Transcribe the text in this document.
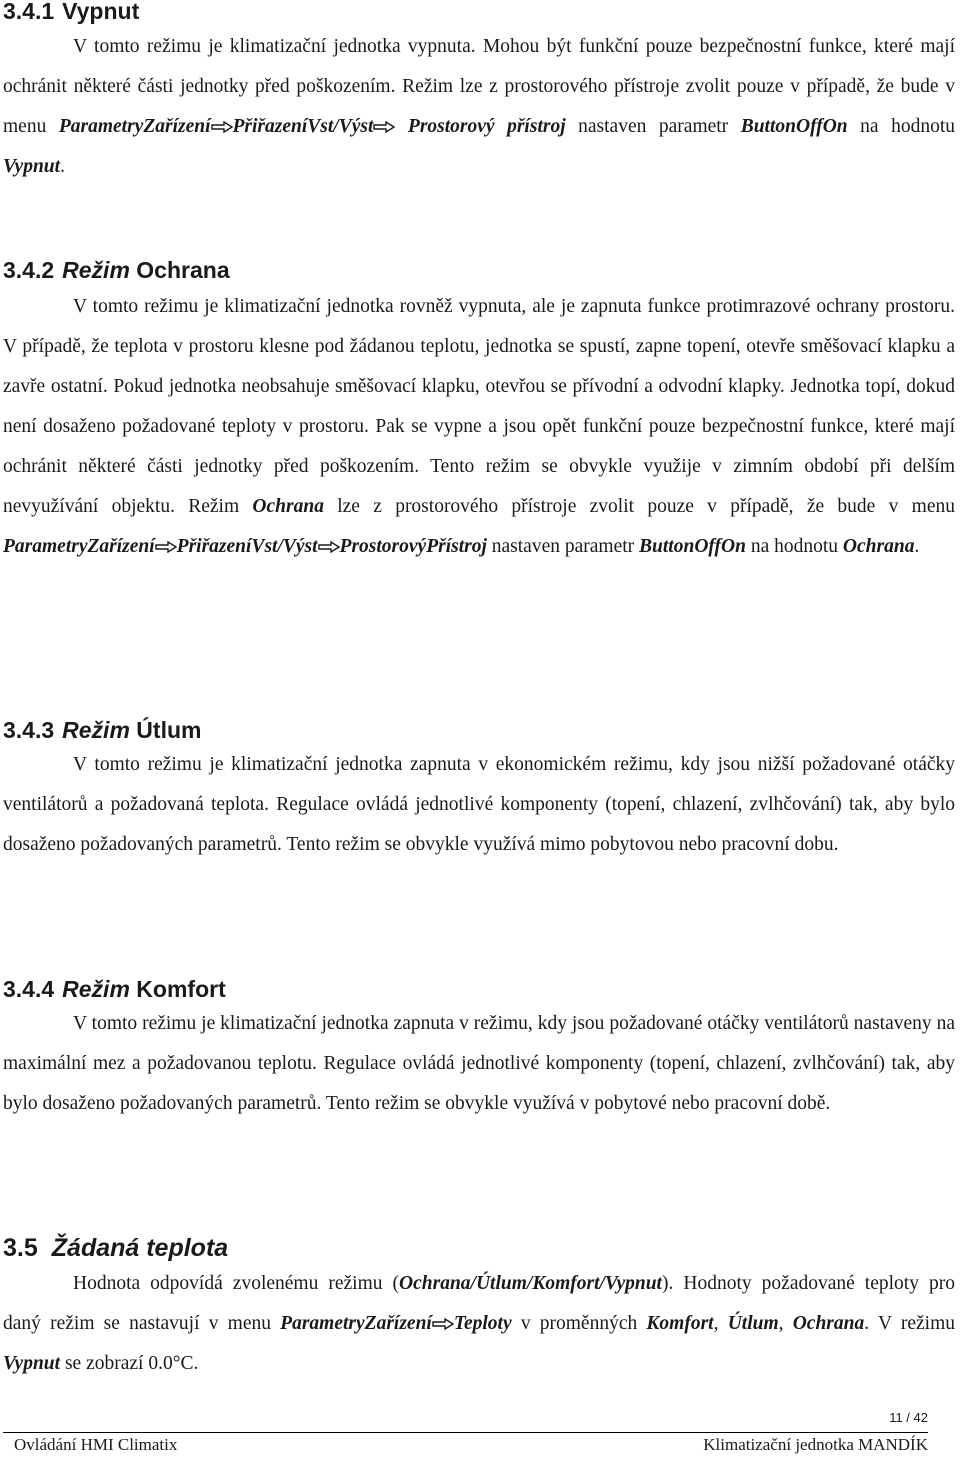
3.4.1 Vypnut
V tomto režimu je klimatizační jednotka vypnuta. Mohou být funkční pouze bezpečnostní funkce, které mají ochránit některé části jednotky před poškozením. Režim lze z prostorového přístroje zvolit pouze v případě, že bude v menu ParametryZařízení PřiřazeníVst/Výst Prostorový přístroj nastaven parametr ButtonOffOn na hodnotu Vypnut.
3.4.2 Režim Ochrana
V tomto režimu je klimatizační jednotka rovněž vypnuta, ale je zapnuta funkce protimrazové ochrany prostoru. V případě, že teplota v prostoru klesne pod žádanou teplotu, jednotka se spustí, zapne topení, otevře směšovací klapku a zavře ostatní. Pokud jednotka neobsahuje směšovací klapku, otevřou se přívodní a odvodní klapky. Jednotka topí, dokud není dosaženo požadované teploty v prostoru. Pak se vypne a jsou opět funkční pouze bezpečnostní funkce, které mají ochránit některé části jednotky před poškozením. Tento režim se obvykle využije v zimním období při delším nevyužívání objektu. Režim Ochrana lze z prostorového přístroje zvolit pouze v případě, že bude v menu ParametryZařízení PřiřazeníVst/Výst ProstorovýPřístroj nastaven parametr ButtonOffOn na hodnotu Ochrana.
3.4.3 Režim Útlum
V tomto režimu je klimatizační jednotka zapnuta v ekonomickém režimu, kdy jsou nižší požadované otáčky ventilátorů a požadovaná teplota. Regulace ovládá jednotlivé komponenty (topení, chlazení, zvlhčování) tak, aby bylo dosaženo požadovaných parametrů. Tento režim se obvykle využívá mimo pobytovou nebo pracovní dobu.
3.4.4 Režim Komfort
V tomto režimu je klimatizační jednotka zapnuta v režimu, kdy jsou požadované otáčky ventilátorů nastaveny na maximální mez a požadovanou teplotu. Regulace ovládá jednotlivé komponenty (topení, chlazení, zvlhčování) tak, aby bylo dosaženo požadovaných parametrů. Tento režim se obvykle využívá v pobytové nebo pracovní době.
3.5 Žádaná teplota
Hodnota odpovídá zvolenému režimu (Ochrana/Útlum/Komfort/Vypnut). Hodnoty požadované teploty pro daný režim se nastavují v menu ParametryZařízení Teploty v proměnných Komfort, Útlum, Ochrana. V režimu Vypnut se zobrazí 0.0°C.
11 / 42
Ovládání HMI Climatix	Klimatizační jednotka MANDÍK
